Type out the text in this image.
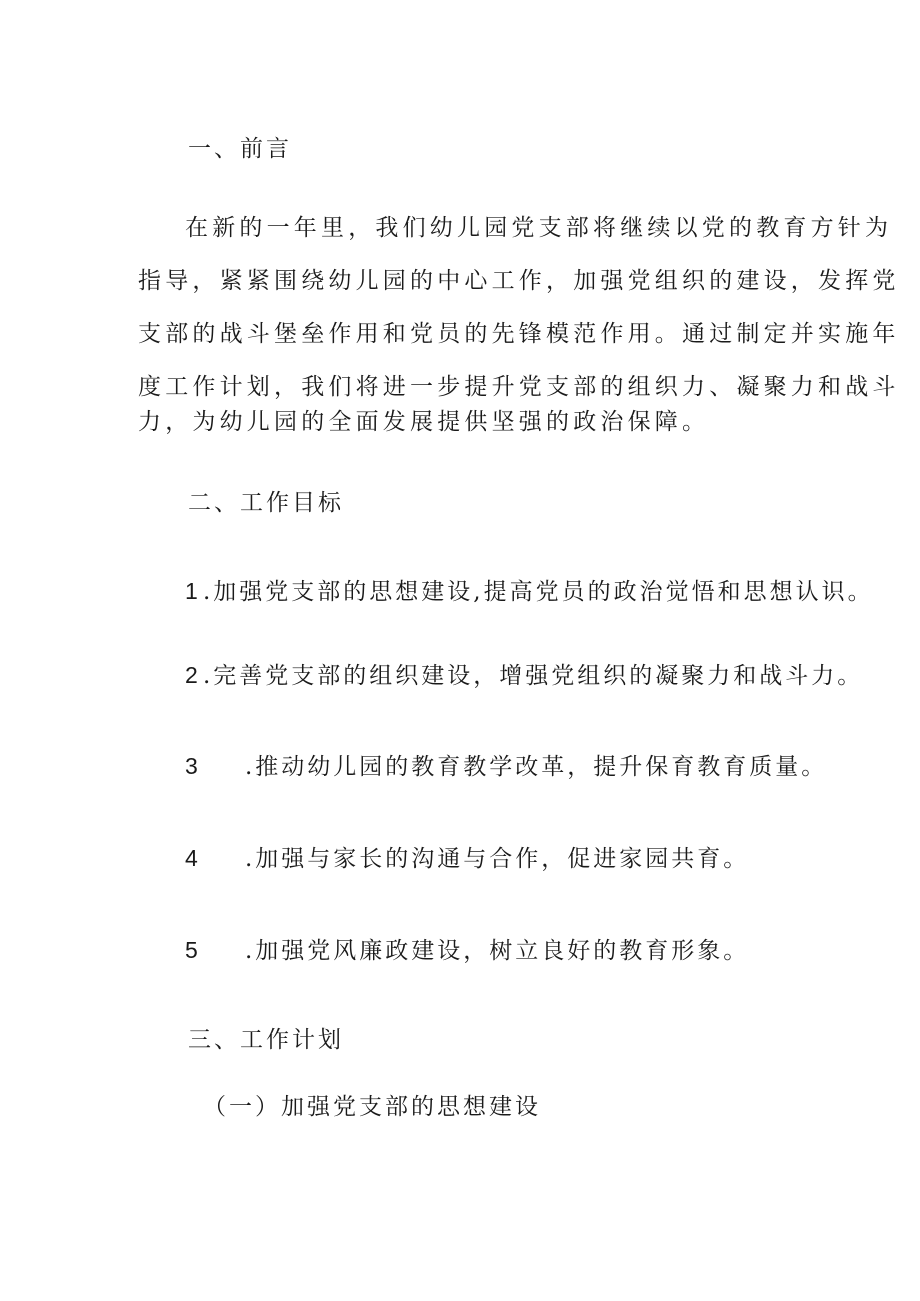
一、前言
在新的一年里，我们幼儿园党支部将继续以党的教育方针为
指导，紧紧围绕幼儿园的中心工作，加强党组织的建设，发挥党
支部的战斗堡垒作用和党员的先锋模范作用。通过制定并实施年
度工作计划，我们将进一步提升党支部的组织力、凝聚力和战斗
力，为幼儿园的全面发展提供坚强的政治保障。
二、工作目标
1 .加强党支部的思想建设,提高党员的政治觉悟和思想认识。
2 .完善党支部的组织建设，增强党组织的凝聚力和战斗力。
3 .推动幼儿园的教育教学改革，提升保育教育质量。
4 .加强与家长的沟通与合作，促进家园共育。
5 .加强党风廉政建设，树立良好的教育形象。
三、工作计划
（一）加强党支部的思想建设
